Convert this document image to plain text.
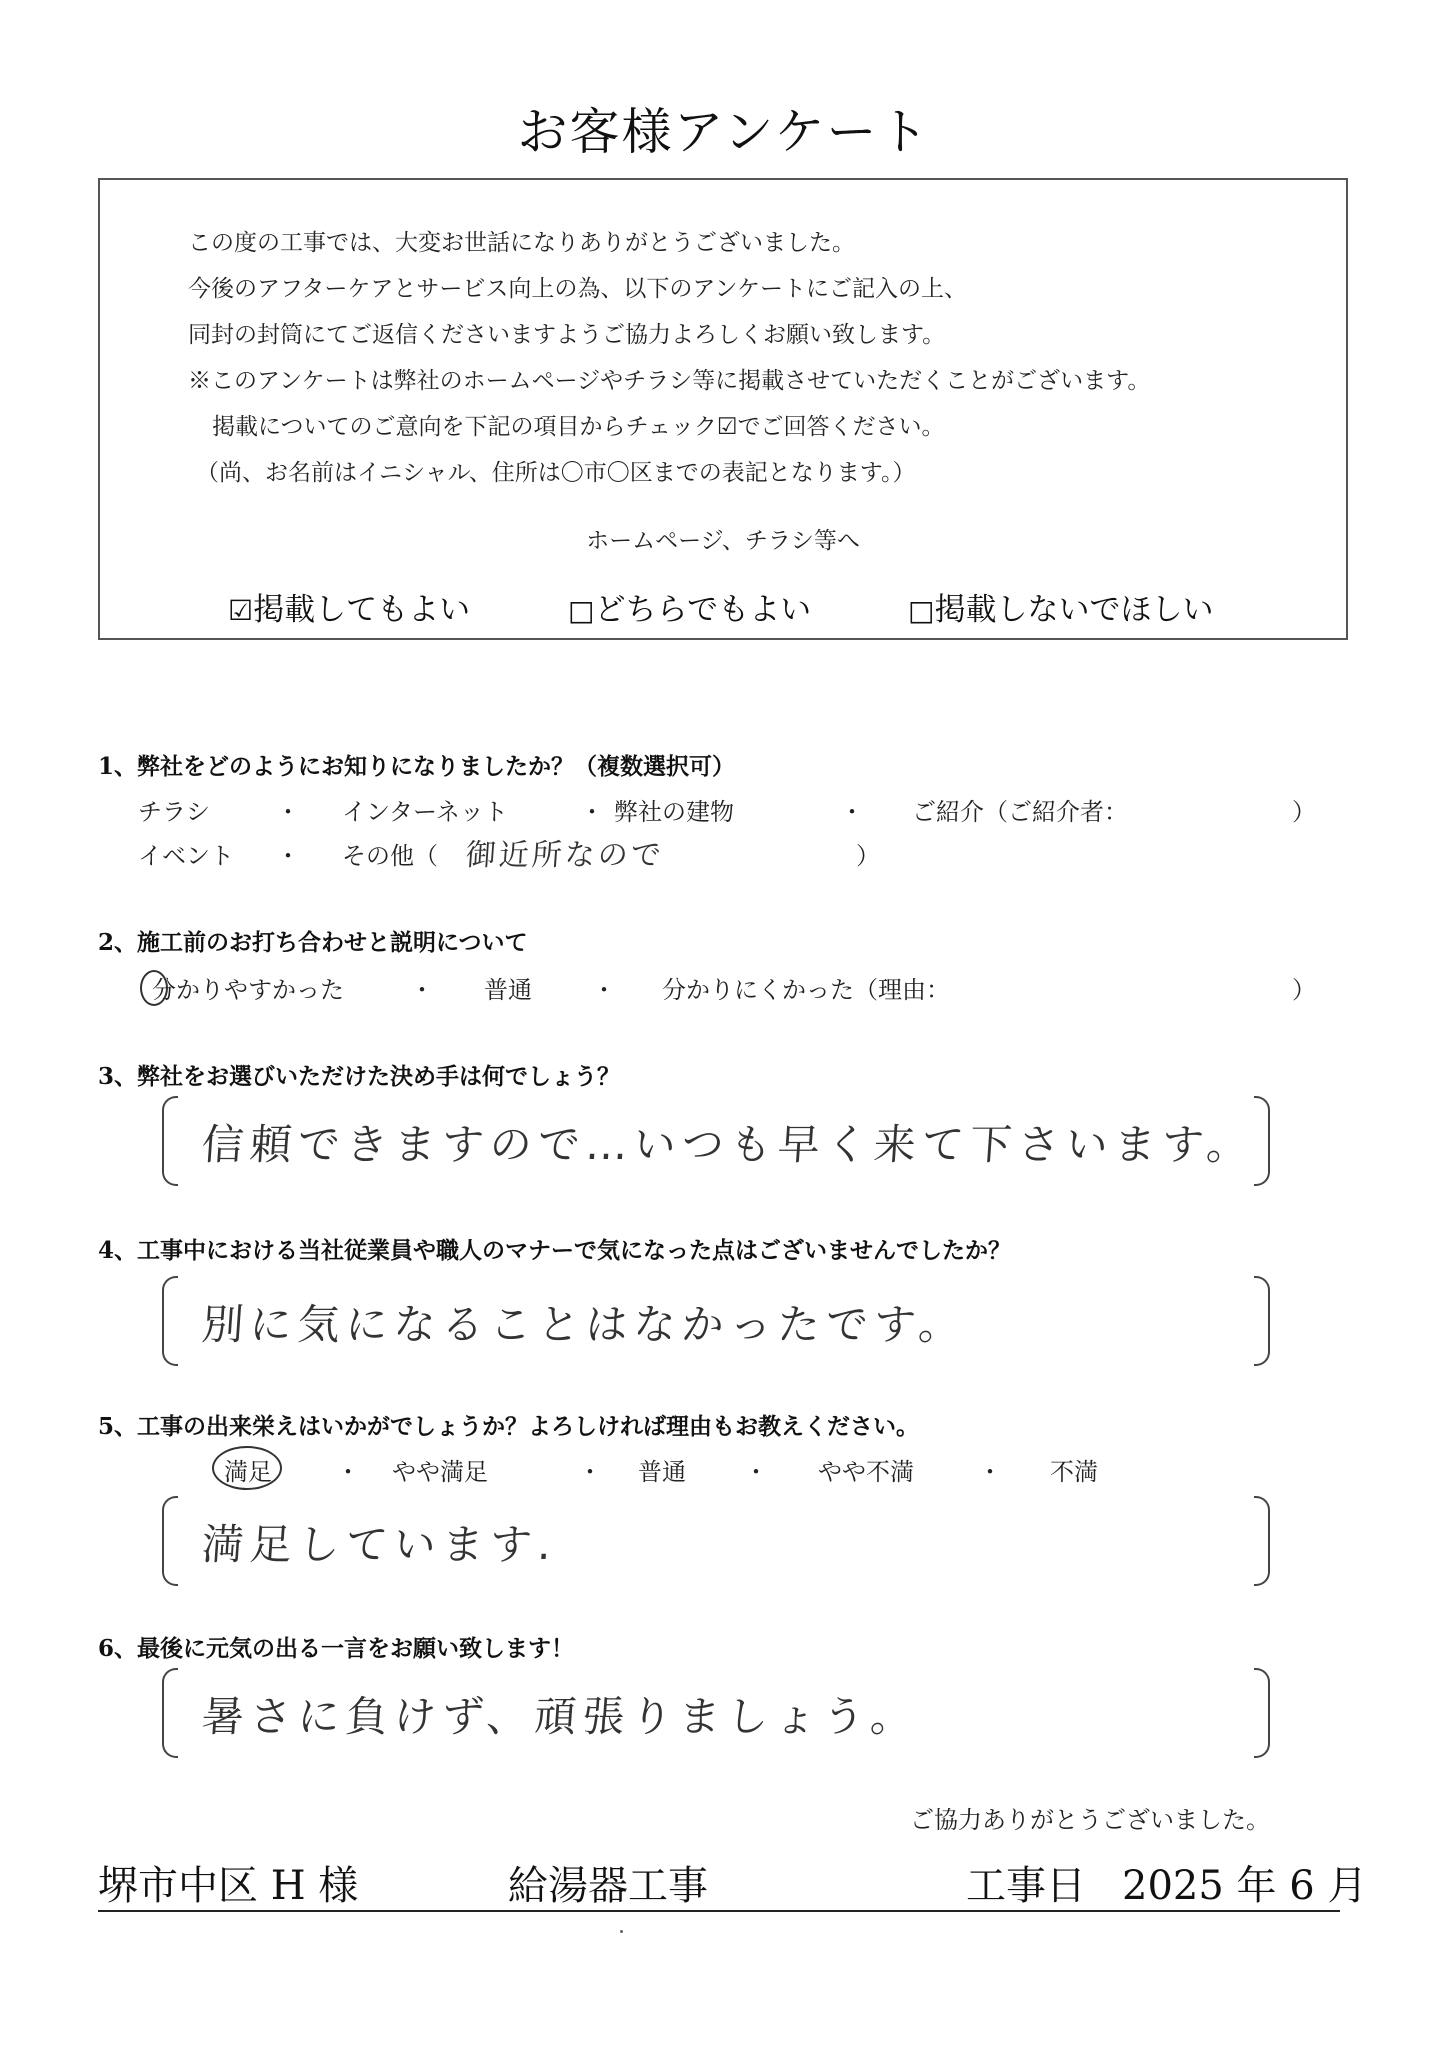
お客様アンケート
この度の工事では、大変お世話になりありがとうございました。
今後のアフターケアとサービス向上の為、以下のアンケートにご記入の上、
同封の封筒にてご返信くださいますようご協力よろしくお願い致します。
※このアンケートは弊社のホームページやチラシ等に掲載させていただくことがございます。
掲載についてのご意向を下記の項目からチェック☑でご回答ください。
（尚、お名前はイニシャル、住所は〇市〇区までの表記となります。）
ホームページ、チラシ等へ
☑掲載してもよい	□どちらでもよい	□掲載しないでほしい
1、弊社をどのようにお知りになりましたか？（複数選択可）
チラシ	・ インターネット	・ 弊社の建物	・ ご紹介（ご紹介者：	）
イベント ・ その他（ 御近所なので	）
2、施工前のお打ち合わせと説明について
分かりやすかった	・ 普通	・ 分かりにくかった（理由：	）
3、弊社をお選びいただけた決め手は何でしょう？
信頼できますので…いつも早く来て下さいます。
4、工事中における当社従業員や職人のマナーで気になった点はございませんでしたか？
別に気になることはなかったです。
5、工事の出来栄えはいかがでしょうか？よろしければ理由もお教えください。
満足	・ やや満足	・ 普通 ・ やや不満	・ 不満
満足しています.
6、最後に元気の出る一言をお願い致します！
暑さに負けず、頑張りましょう。
ご協力ありがとうございました。
堺市中区 H 様	給湯器工事	工事日 2025 年 6 月
